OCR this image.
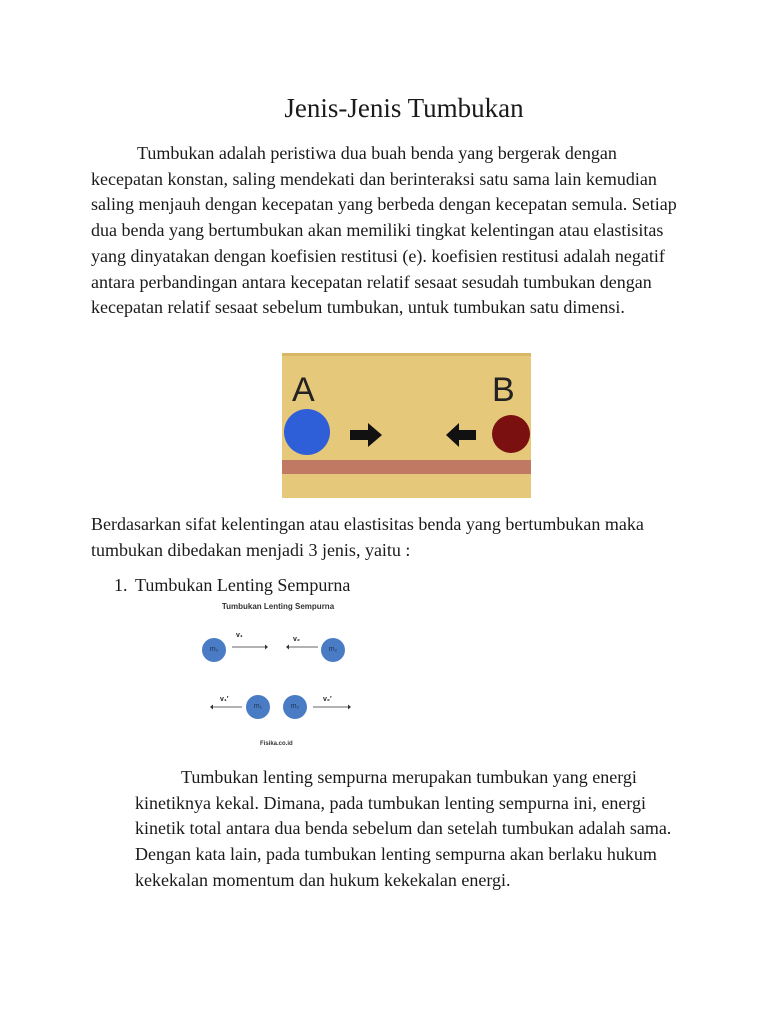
Jenis-Jenis Tumbukan

Tumbukan adalah peristiwa dua buah benda yang bergerak dengan kecepatan konstan, saling mendekati dan berinteraksi satu sama lain kemudian saling menjauh dengan kecepatan yang berbeda dengan kecepatan semula. Setiap dua benda yang bertumbukan akan memiliki tingkat kelentingan atau elastisitas yang dinyatakan dengan koefisien restitusi (e). koefisien restitusi adalah negatif antara perbandingan antara kecepatan relatif sesaat sesudah tumbukan dengan kecepatan relatif sesaat sebelum tumbukan, untuk tumbukan satu dimensi.

A	B

Berdasarkan sifat kelentingan atau elastisitas benda yang bertumbukan maka tumbukan dibedakan menjadi 3 jenis, yaitu :

1. Tumbukan Lenting Sempurna

Tumbukan Lenting Sempurna
m₁
v₁
v₂
m₂
v₁′
m₁	m₂
v₂′
Fisika.co.id

Tumbukan lenting sempurna merupakan tumbukan yang energi kinetiknya kekal. Dimana, pada tumbukan lenting sempurna ini, energi kinetik total antara dua benda sebelum dan setelah tumbukan adalah sama. Dengan kata lain, pada tumbukan lenting sempurna akan berlaku hukum kekekalan momentum dan hukum kekekalan energi.
